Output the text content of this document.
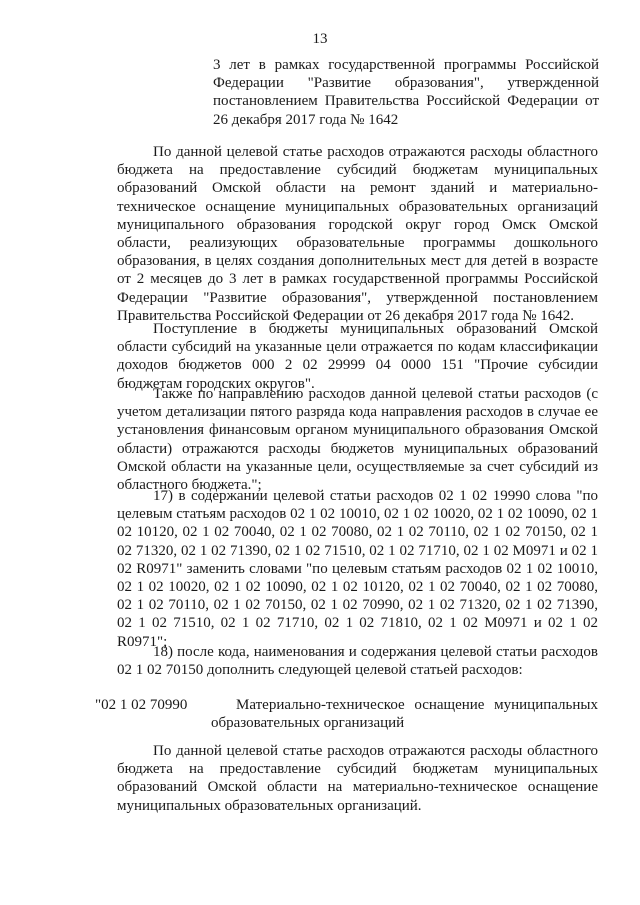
13
3 лет в рамках государственной программы Российской Федерации "Развитие образования", утвержденной постановлением Правительства Российской Федерации от 26 декабря 2017 года № 1642
По данной целевой статье расходов отражаются расходы областного бюджета на предоставление субсидий бюджетам муниципальных образований Омской области на ремонт зданий и материально-техническое оснащение муниципальных образовательных организаций муниципального образования городской округ город Омск Омской области, реализующих образовательные программы дошкольного образования, в целях создания дополнительных мест для детей в возрасте от 2 месяцев до 3 лет в рамках государственной программы Российской Федерации "Развитие образования", утвержденной постановлением Правительства Российской Федерации от 26 декабря 2017 года № 1642.
Поступление в бюджеты муниципальных образований Омской области субсидий на указанные цели отражается по кодам классификации доходов бюджетов 000 2 02 29999 04 0000 151 "Прочие субсидии бюджетам городских округов".
Также по направлению расходов данной целевой статьи расходов (с учетом детализации пятого разряда кода направления расходов в случае ее установления финансовым органом муниципального образования Омской области) отражаются расходы бюджетов муниципальных образований Омской области на указанные цели, осуществляемые за счет субсидий из областного бюджета.";
17) в содержании целевой статьи расходов 02 1 02 19990 слова "по целевым статьям расходов 02 1 02 10010, 02 1 02 10020, 02 1 02 10090, 02 1 02 10120, 02 1 02 70040, 02 1 02 70080, 02 1 02 70110, 02 1 02 70150, 02 1 02 71320, 02 1 02 71390, 02 1 02 71510, 02 1 02 71710, 02 1 02 М0971 и 02 1 02 R0971" заменить словами "по целевым статьям расходов 02 1 02 10010, 02 1 02 10020, 02 1 02 10090, 02 1 02 10120, 02 1 02 70040, 02 1 02 70080, 02 1 02 70110, 02 1 02 70150, 02 1 02 70990, 02 1 02 71320, 02 1 02 71390, 02 1 02 71510, 02 1 02 71710, 02 1 02 71810, 02 1 02 М0971 и 02 1 02 R0971";
18) после кода, наименования и содержания целевой статьи расходов 02 1 02 70150 дополнить следующей целевой статьей расходов:
"02 1 02 70990	Материально-техническое оснащение муниципальных образовательных организаций
По данной целевой статье расходов отражаются расходы областного бюджета на предоставление субсидий бюджетам муниципальных образований Омской области на материально-техническое оснащение муниципальных образовательных организаций.
